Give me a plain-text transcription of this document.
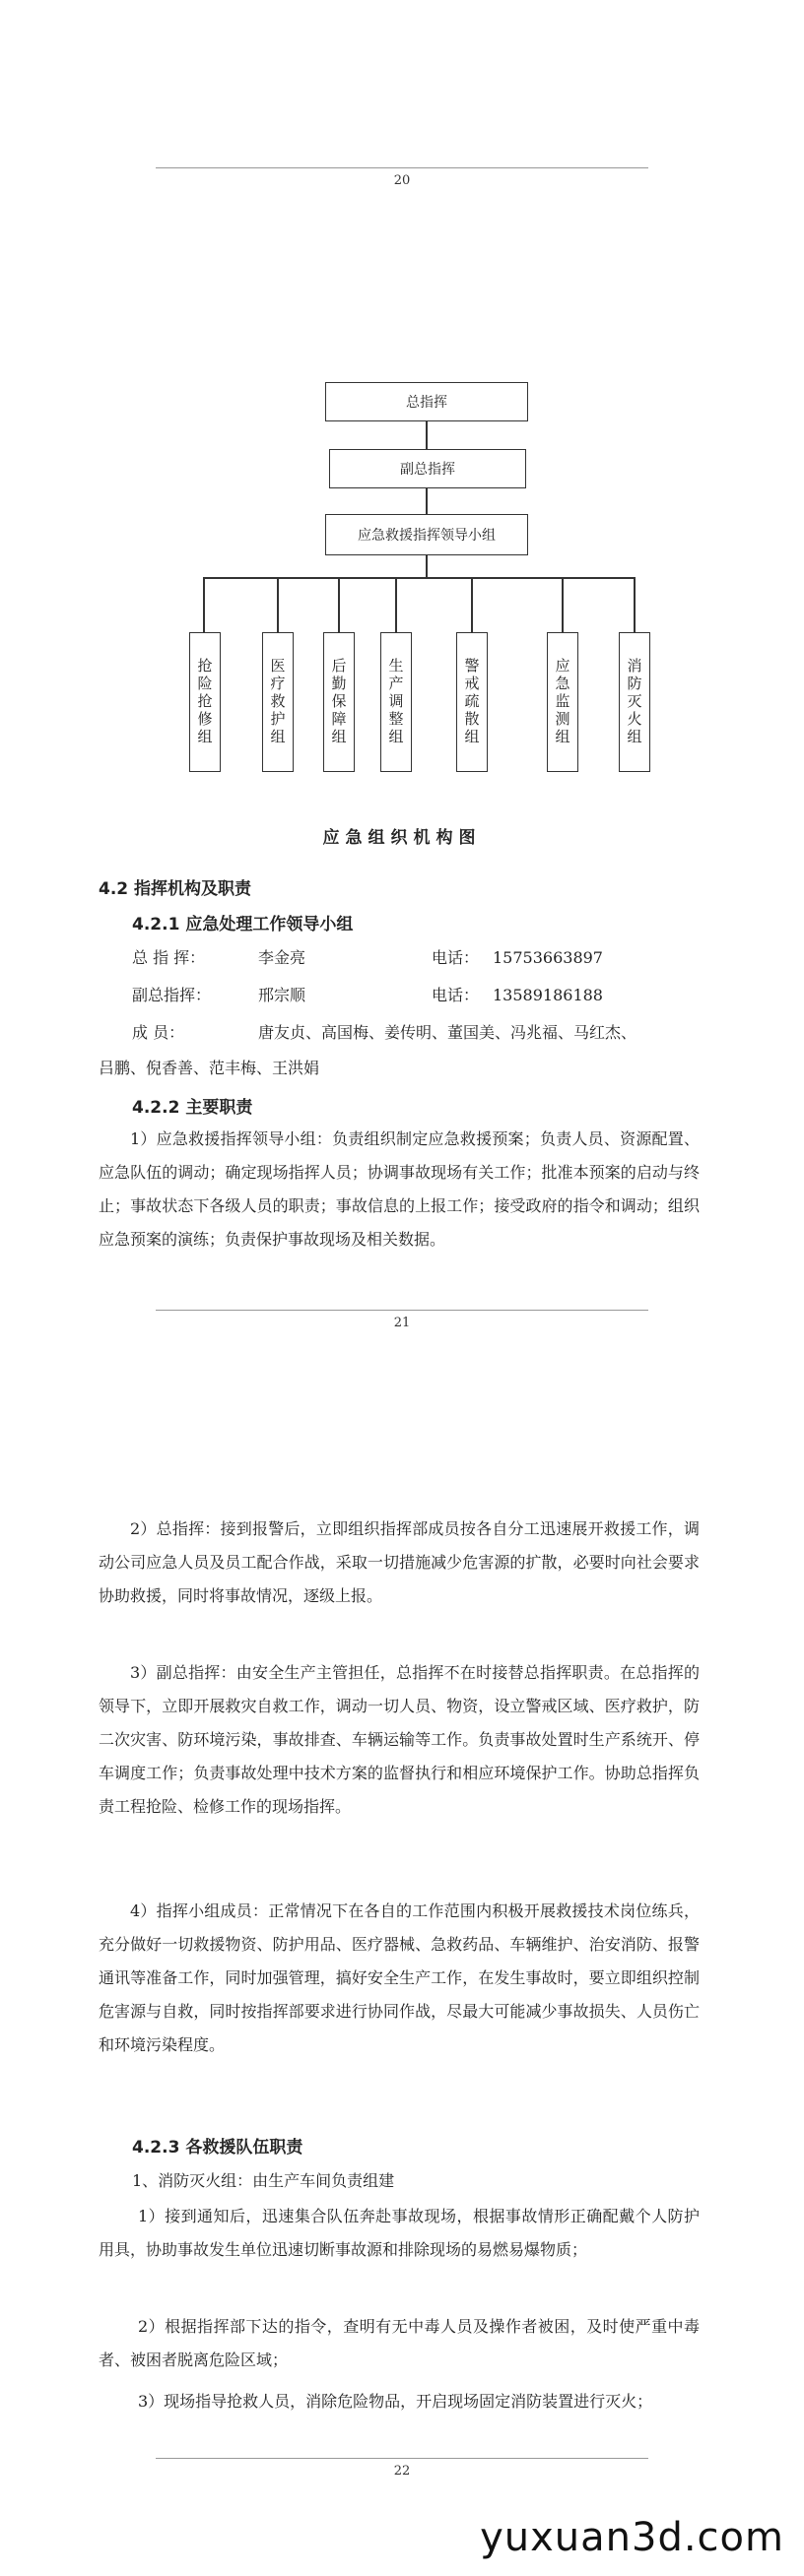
20
总指挥
副总指挥
应急救援指挥领导小组
抢险抢修组	医疗救护组	后勤保障组	生产调整组	警戒疏散组	应急监测组	消防灭火组
应急组织机构图
4.2 指挥机构及职责
4.2.1 应急处理工作领导小组
总 指 挥：	李金亮	电话： 15753663897
副总指挥：	邢宗顺	电话： 13589186188
成 员：	唐友贞、高国梅、姜传明、董国美、冯兆福、马红杰、
吕鹏、倪香善、范丰梅、王洪娟
4.2.2 主要职责
1）应急救援指挥领导小组：负责组织制定应急救援预案；负责人员、资源配置、应急队伍的调动；确定现场指挥人员；协调事故现场有关工作；批准本预案的启动与终止；事故状态下各级人员的职责；事故信息的上报工作；接受政府的指令和调动；组织应急预案的演练；负责保护事故现场及相关数据。
21
2）总指挥：接到报警后，立即组织指挥部成员按各自分工迅速展开救援工作，调动公司应急人员及员工配合作战，采取一切措施减少危害源的扩散，必要时向社会要求协助救援，同时将事故情况，逐级上报。
3）副总指挥：由安全生产主管担任，总指挥不在时接替总指挥职责。在总指挥的领导下，立即开展救灾自救工作，调动一切人员、物资，设立警戒区域、医疗救护，防二次灾害、防环境污染，事故排查、车辆运输等工作。负责事故处置时生产系统开、停车调度工作；负责事故处理中技术方案的监督执行和相应环境保护工作。协助总指挥负责工程抢险、检修工作的现场指挥。
4）指挥小组成员：正常情况下在各自的工作范围内积极开展救援技术岗位练兵，充分做好一切救援物资、防护用品、医疗器械、急救药品、车辆维护、治安消防、报警通讯等准备工作，同时加强管理，搞好安全生产工作，在发生事故时，要立即组织控制危害源与自救，同时按指挥部要求进行协同作战，尽最大可能减少事故损失、人员伤亡和环境污染程度。
4.2.3 各救援队伍职责
1、消防灭火组：由生产车间负责组建
1）接到通知后，迅速集合队伍奔赴事故现场，根据事故情形正确配戴个人防护用具，协助事故发生单位迅速切断事故源和排除现场的易燃易爆物质；
2）根据指挥部下达的指令，查明有无中毒人员及操作者被困，及时使严重中毒者、被困者脱离危险区域；
3）现场指导抢救人员，消除危险物品，开启现场固定消防装置进行灭火；
22
yuxuan3d.com
